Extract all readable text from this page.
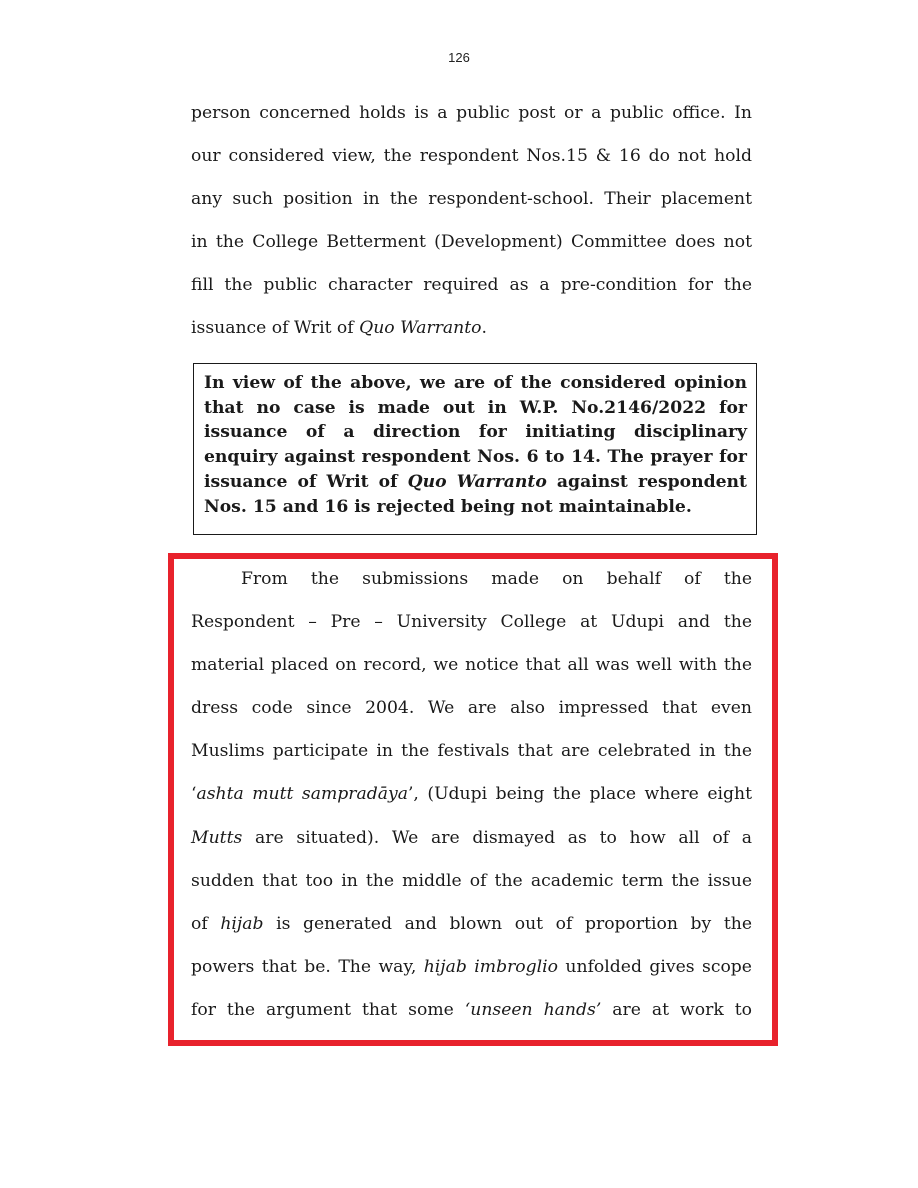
126
person concerned holds is a public post or a public office. In
our considered view, the respondent Nos.15 & 16 do not hold
any such position in the respondent-school. Their placement
in the College Betterment (Development) Committee does not
fill the public character required as a pre-condition for the
issuance of Writ of Quo Warranto.
In view of the above, we are of the considered opinion
that no case is made out in W.P. No.2146/2022 for
issuance of a direction for initiating disciplinary
enquiry against respondent Nos. 6 to 14. The prayer for
issuance of Writ of Quo Warranto against respondent
Nos. 15 and 16 is rejected being not maintainable.
From the submissions made on behalf of the
Respondent – Pre – University College at Udupi and the
material placed on record, we notice that all was well with the
dress code since 2004. We are also impressed that even
Muslims participate in the festivals that are celebrated in the
‘ashta mutt sampradāya’, (Udupi being the place where eight
Mutts are situated). We are dismayed as to how all of a
sudden that too in the middle of the academic term the issue
of hijab is generated and blown out of proportion by the
powers that be. The way, hijab imbroglio unfolded gives scope
for the argument that some ‘unseen hands’ are at work to
